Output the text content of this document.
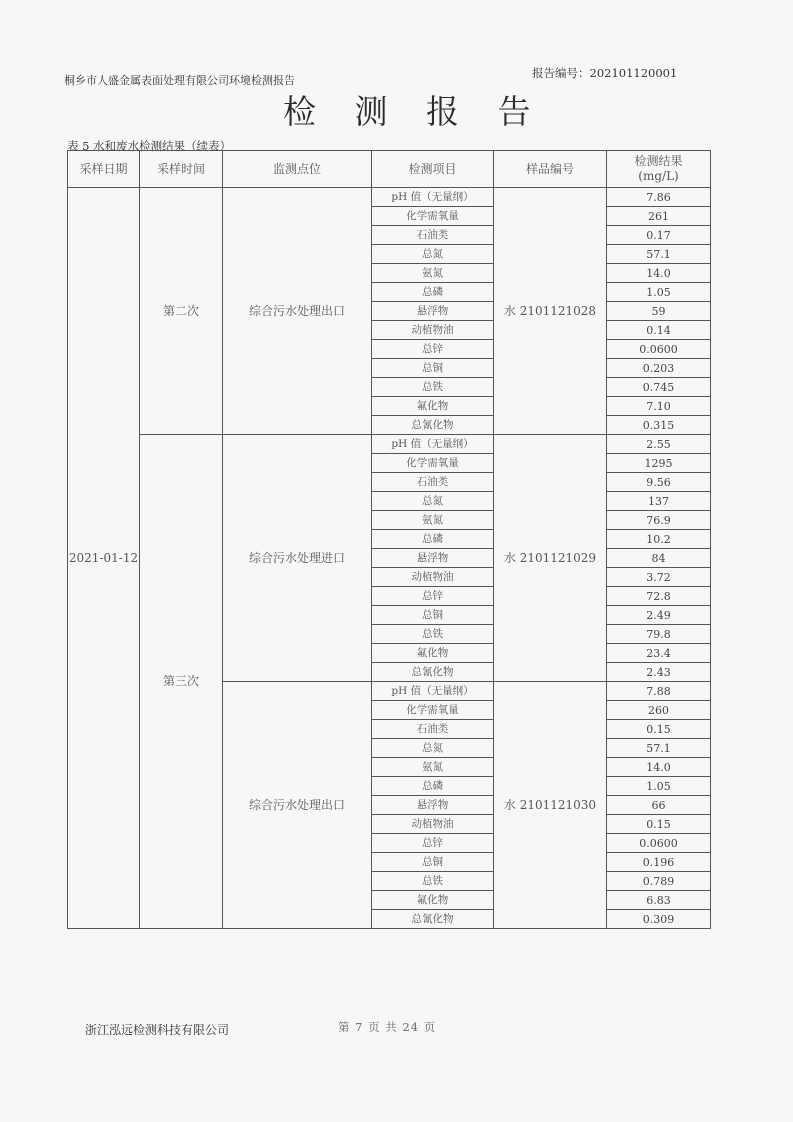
桐乡市人盛金属表面处理有限公司环境检测报告
报告编号：202101120001
检 测 报 告
表 5 水和废水检测结果（续表）
采样日期	采样时间	监测点位	检测项目	样品编号	检测结果
(mg/L)
2021-01-12	第二次	综合污水处理出口	pH 值（无量纲）	水 2101121028	7.86
			化学需氧量		261
			石油类		0.17
			总氮		57.1
			氨氮		14.0
			总磷		1.05
			悬浮物		59
			动植物油		0.14
			总锌		0.0600
			总铜		0.203
			总铁		0.745
			氟化物		7.10
			总氰化物		0.315
	第三次	综合污水处理进口	pH 值（无量纲）	水 2101121029	2.55
			化学需氧量		1295
			石油类		9.56
			总氮		137
			氨氮		76.9
			总磷		10.2
			悬浮物		84
			动植物油		3.72
			总锌		72.8
			总铜		2.49
			总铁		79.8
			氟化物		23.4
			总氰化物		2.43
		综合污水处理出口	pH 值（无量纲）	水 2101121030	7.88
			化学需氧量		260
			石油类		0.15
			总氮		57.1
			氨氮		14.0
			总磷		1.05
			悬浮物		66
			动植物油		0.15
			总锌		0.0600
			总铜		0.196
			总铁		0.789
			氟化物		6.83
			总氰化物		0.309
浙江泓远检测科技有限公司	第 7 页 共 24 页
